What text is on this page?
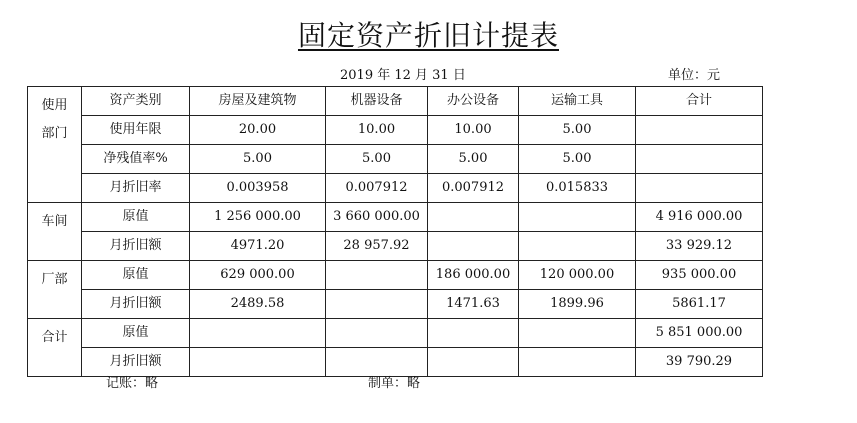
固定资产折旧计提表
2019 年 12 月 31 日	单位：元
使用
部门	资产类别	房屋及建筑物	机器设备	办公设备	运输工具	合计
	使用年限	20.00	10.00	10.00	5.00	
	净残值率%	5.00	5.00	5.00	5.00	
	月折旧率	0.003958	0.007912	0.007912	0.015833	
车间	原值	1 256 000.00	3 660 000.00			4 916 000.00
	月折旧额	4971.20	28 957.92			33 929.12
厂部	原值	629 000.00		186 000.00	120 000.00	935 000.00
	月折旧额	2489.58		1471.63	1899.96	5861.17
合计	原值					5 851 000.00
	月折旧额					39 790.29
记账：略	制单：略
